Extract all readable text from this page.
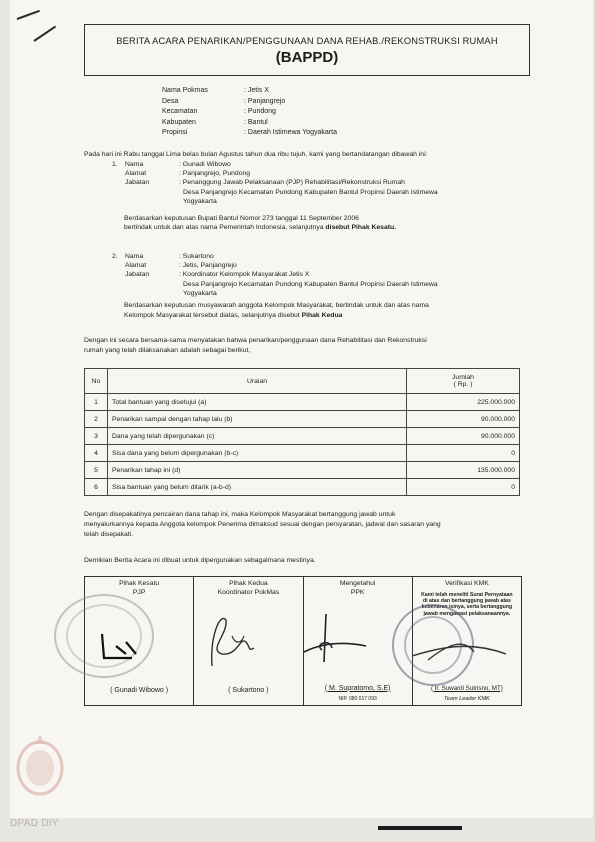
BERITA ACARA PENARIKAN/PENGGUNAAN DANA REHAB./REKONSTRUKSI RUMAH
(BAPPD)
Nama Pokmas	: Jetis X
Desa	: Panjangrejo
Kecamatan	: Pundong
Kabupaten	: Bantul
Propinsi	: Daerah Istimewa Yogyakarta
Pada hari ini Rabu tanggal Lima belas bulan Agustus tahun dua ribu tujuh, kami yang bertandatangan dibawah ini:
1.	Nama	: Gunadi Wibowo
Alamat	: Panjangrejo, Pundong
Jabatan	: Penanggung Jawab Pelaksanaan (PJP) Rehabilitasi/Rekonstruksi Rumah
Desa Panjangrejo Kecamatan Pundong Kabupaten Bantul Propinsi Daerah Istimewa
Yogyakarta
Berdasarkan keputusan Bupati Bantul Nomor 273 tanggal 11 September 2006
bertindak untuk dan atas nama Pemerintah Indonesia, selanjutnya disebut Pihak Kesatu.
2.	Nama	: Sukartono
Alamat	: Jetis, Panjangrejo
Jabatan	: Koordinator Kelompok Masyarakat Jetis X
Desa Panjangrejo Kecamatan Pundong Kabupaten Bantul Propinsi Daerah Istimewa
Yogyakarta
Berdasarkan keputusan musyawarah anggota Kelompok Masyarakat, bertindak untuk dan atas nama
Kelompok Masyarakat tersebut diatas, selanjutnya disebut Pihak Kedua
Dengan ini secara bersama-sama menyatakan bahwa penarikan/penggunaan dana Rehabilitasi dan Rekonstruksi
rumah yang telah dilaksanakan adalah sebagai berikut,
No	Uraian	Jumlah
( Rp. )

1	Total bantuan yang disetujui (a)	225.000.000
2	Penarikan sampai dengan tahap lalu (b)	90.000.000
3	Dana yang telah dipergunakan (c)	90.000.000
4	Sisa dana yang belum dipergunakan (b-c)	0
5	Penarikan tahap ini (d)	135.000.000
6	Sisa bantuan yang belum ditarik (a-b-d)	0
Dengan disepakatinya pencairan dana tahap ini, maka Kelompok Masyarakat bertanggung jawab untuk
menyalurkannya kepada Anggota kelompok Penerima dimaksud sesuai dengan persyaratan, jadwal dan sasaran yang
telah disepakati.
Demikian Berita Acara ini dibuat untuk dipergunakan sebagaimana mestinya.
Pihak Kesatu
PJP
( Gunadi Wibowo )
Pihak Kedua
Koordinator PokMas
( Sukartono )
Mengetahui
PPK
( M. Supratomo, S.E)
NIP. 080 017 093
Verifikasi KMK
Kami telah meneliti Surat Pernyataan di atas dan bertanggung jawab atas kebenaran isinya, serta bertanggung jawab mengawasi pelaksanaannya.
( Ir. Suwardi Sutrisno, MT)
Team Leader KMK
DPAD DIY
